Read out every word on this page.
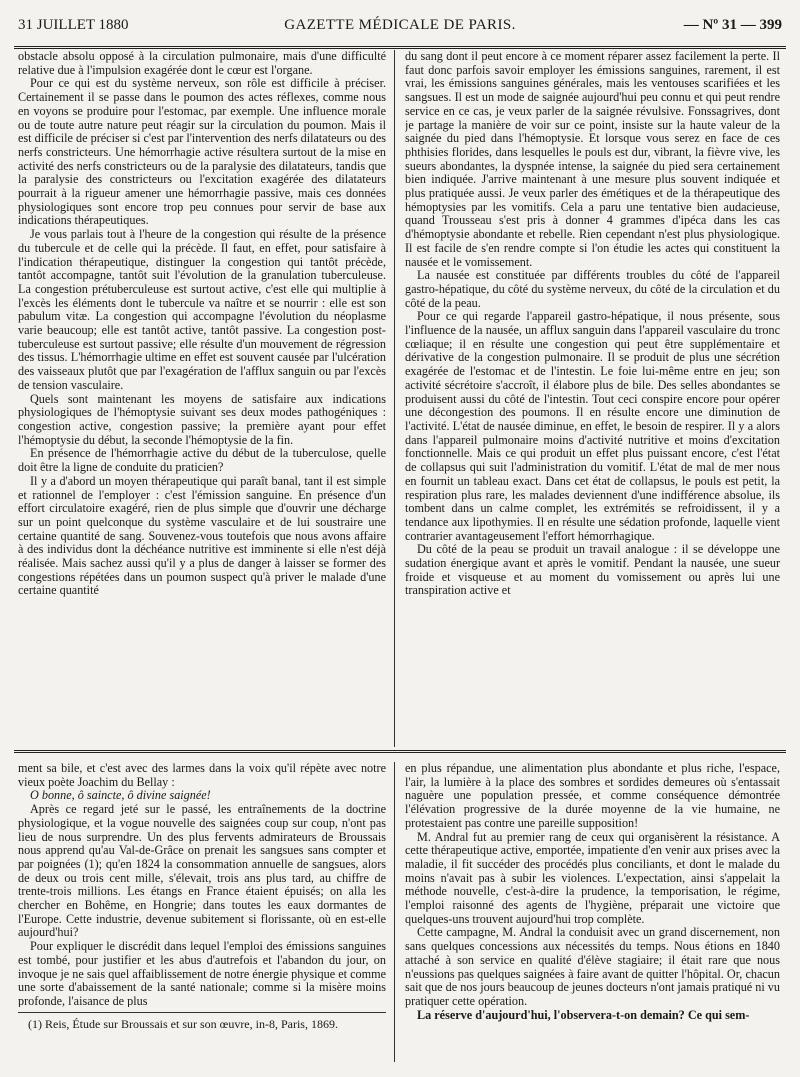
31 JUILLET 1880	GAZETTE MÉDICALE DE PARIS.	— Nº 31 — 399

obstacle absolu opposé à la circulation pulmonaire, mais d'une difficulté relative due à l'impulsion exagérée dont le cœur est l'organe.

Pour ce qui est du système nerveux, son rôle est difficile à préciser. Certainement il se passe dans le poumon des actes réflexes, comme nous en voyons se produire pour l'estomac, par exemple. Une influence morale ou de toute autre nature peut réagir sur la circulation du poumon. Mais il est difficile de préciser si c'est par l'intervention des nerfs dilatateurs ou des nerfs constricteurs. Une hémorrhagie active résultera surtout de la mise en activité des nerfs constricteurs ou de la paralysie des dilatateurs, tandis que la paralysie des constricteurs ou l'excitation exagérée des dilatateurs pourrait à la rigueur amener une hémorrhagie passive, mais ces données physiologiques sont encore trop peu connues pour servir de base aux indications thérapeutiques.

Je vous parlais tout à l'heure de la congestion qui résulte de la présence du tubercule et de celle qui la précède. Il faut, en effet, pour satisfaire à l'indication thérapeutique, distinguer la congestion qui tantôt précède, tantôt accompagne, tantôt suit l'évolution de la granulation tuberculeuse. La congestion prétuberculeuse est surtout active, c'est elle qui multiplie à l'excès les éléments dont le tubercule va naître et se nourrir : elle est son pabulum vitæ. La congestion qui accompagne l'évolution du néoplasme varie beaucoup; elle est tantôt active, tantôt passive. La congestion post-tuberculeuse est surtout passive; elle résulte d'un mouvement de régression des tissus. L'hémorrhagie ultime en effet est souvent causée par l'ulcération des vaisseaux plutôt que par l'exagération de l'afflux sanguin ou par l'excès de tension vasculaire.

Quels sont maintenant les moyens de satisfaire aux indications physiologiques de l'hémoptysie suivant ses deux modes pathogéniques : congestion active, congestion passive; la première ayant pour effet l'hémoptysie du début, la seconde l'hémoptysie de la fin.

En présence de l'hémorrhagie active du début de la tuberculose, quelle doit être la ligne de conduite du praticien?

Il y a d'abord un moyen thérapeutique qui paraît banal, tant il est simple et rationnel de l'employer : c'est l'émission sanguine. En présence d'un effort circulatoire exagéré, rien de plus simple que d'ouvrir une décharge sur un point quelconque du système vasculaire et de lui soustraire une certaine quantité de sang. Souvenez-vous toutefois que nous avons affaire à des individus dont la déchéance nutritive est imminente si elle n'est déjà réalisée. Mais sachez aussi qu'il y a plus de danger à laisser se former des congestions répétées dans un poumon suspect qu'à priver le malade d'une certaine quantité

du sang dont il peut encore à ce moment réparer assez facilement la perte. Il faut donc parfois savoir employer les émissions sanguines, rarement, il est vrai, les émissions sanguines générales, mais les ventouses scarifiées et les sangsues. Il est un mode de saignée aujourd'hui peu connu et qui peut rendre service en ce cas, je veux parler de la saignée révulsive. Fonssagrives, dont je partage la manière de voir sur ce point, insiste sur la haute valeur de la saignée du pied dans l'hémoptysie. Et lorsque vous serez en face de ces phthisies florides, dans lesquelles le pouls est dur, vibrant, la fièvre vive, les sueurs abondantes, la dyspnée intense, la saignée du pied sera certainement bien indiquée. J'arrive maintenant à une mesure plus souvent indiquée et plus pratiquée aussi. Je veux parler des émétiques et de la thérapeutique des hémoptysies par les vomitifs. Cela a paru une tentative bien audacieuse, quand Trousseau s'est pris à donner 4 grammes d'ipéca dans les cas d'hémoptysie abondante et rebelle. Rien cependant n'est plus physiologique. Il est facile de s'en rendre compte si l'on étudie les actes qui constituent la nausée et le vomissement.

La nausée est constituée par différents troubles du côté de l'appareil gastro-hépatique, du côté du système nerveux, du côté de la circulation et du côté de la peau.

Pour ce qui regarde l'appareil gastro-hépatique, il nous présente, sous l'influence de la nausée, un afflux sanguin dans l'appareil vasculaire du tronc cœliaque; il en résulte une congestion qui peut être supplémentaire et dérivative de la congestion pulmonaire. Il se produit de plus une sécrétion exagérée de l'estomac et de l'intestin. Le foie lui-même entre en jeu; son activité sécrétoire s'accroît, il élabore plus de bile. Des selles abondantes se produisent aussi du côté de l'intestin. Tout ceci conspire encore pour opérer une décongestion des poumons. Il en résulte encore une diminution de l'activité. L'état de nausée diminue, en effet, le besoin de respirer. Il y a alors dans l'appareil pulmonaire moins d'activité nutritive et moins d'excitation fonctionnelle. Mais ce qui produit un effet plus puissant encore, c'est l'état de collapsus qui suit l'administration du vomitif. L'état de mal de mer nous en fournit un tableau exact. Dans cet état de collapsus, le pouls est petit, la respiration plus rare, les malades deviennent d'une indifférence absolue, ils tombent dans un calme complet, les extrémités se refroidissent, il y a tendance aux lipothymies. Il en résulte une sédation profonde, laquelle vient contrarier avantageusement l'effort hémorrhagique.

Du côté de la peau se produit un travail analogue : il se développe une sudation énergique avant et après le vomitif. Pendant la nausée, une sueur froide et visqueuse et au moment du vomissement ou après lui une transpiration active et

ment sa bile, et c'est avec des larmes dans la voix qu'il répète avec notre vieux poète Joachim du Bellay :

O bonne, ô saincte, ô divine saignée!

Après ce regard jeté sur le passé, les entraînements de la doctrine physiologique, et la vogue nouvelle des saignées coup sur coup, n'ont pas lieu de nous surprendre. Un des plus fervents admirateurs de Broussais nous apprend qu'au Val-de-Grâce on prenait les sangsues sans compter et par poignées (1); qu'en 1824 la consommation annuelle de sangsues, alors de deux ou trois cent mille, s'élevait, trois ans plus tard, au chiffre de trente-trois millions. Les étangs en France étaient épuisés; on alla les chercher en Bohême, en Hongrie; dans toutes les eaux dormantes de l'Europe. Cette industrie, devenue subitement si florissante, où en est-elle aujourd'hui?

Pour expliquer le discrédit dans lequel l'emploi des émissions sanguines est tombé, pour justifier et les abus d'autrefois et l'abandon du jour, on invoque je ne sais quel affaiblissement de notre énergie physique et comme une sorte d'abaissement de la santé nationale; comme si la misère moins profonde, l'aisance de plus

(1) Reis, Étude sur Broussais et sur son œuvre, in-8, Paris, 1869.

en plus répandue, une alimentation plus abondante et plus riche, l'espace, l'air, la lumière à la place des sombres et sordides demeures où s'entassait naguère une population pressée, et comme conséquence démontrée l'élévation progressive de la durée moyenne de la vie humaine, ne protestaient pas contre une pareille supposition!

M. Andral fut au premier rang de ceux qui organisèrent la résistance. A cette thérapeutique active, emportée, impatiente d'en venir aux prises avec la maladie, il fit succéder des procédés plus conciliants, et dont le malade du moins n'avait pas à subir les violences. L'expectation, ainsi s'appelait la méthode nouvelle, c'est-à-dire la prudence, la temporisation, le régime, l'emploi raisonné des agents de l'hygiène, préparait une victoire que quelques-uns trouvent aujourd'hui trop complète.

Cette campagne, M. Andral la conduisit avec un grand discernement, non sans quelques concessions aux nécessités du temps. Nous étions en 1840 attaché à son service en qualité d'élève stagiaire; il était rare que nous n'eussions pas quelques saignées à faire avant de quitter l'hôpital. Or, chacun sait que de nos jours beaucoup de jeunes docteurs n'ont jamais pratiqué ni vu pratiquer cette opération.

La réserve d'aujourd'hui, l'observera-t-on demain? Ce qui sem-
